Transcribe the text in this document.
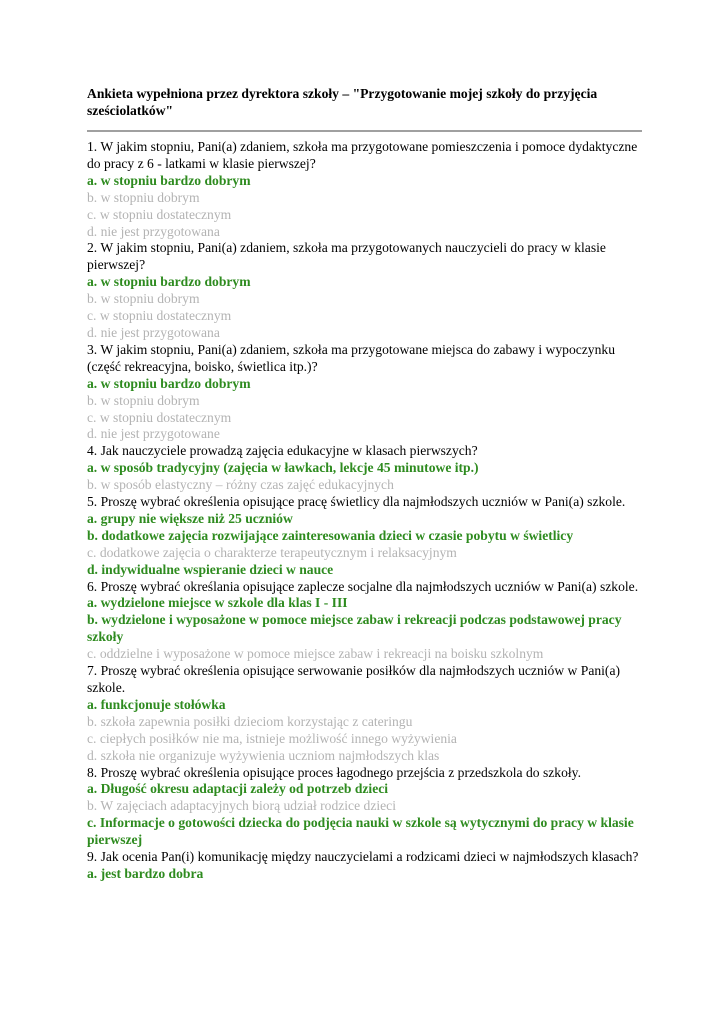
Ankieta wypełniona przez dyrektora szkoły – "Przygotowanie mojej szkoły do przyjęcia sześciolatków"

1. W jakim stopniu, Pani(a) zdaniem, szkoła ma przygotowane pomieszczenia i pomoce dydaktyczne do pracy z 6 - latkami w klasie pierwszej?

a. w stopniu bardzo dobrym

b. w stopniu dobrym

c. w stopniu dostatecznym

d. nie jest przygotowana

2. W jakim stopniu, Pani(a) zdaniem, szkoła ma przygotowanych nauczycieli do pracy w klasie pierwszej?

a. w stopniu bardzo dobrym

b. w stopniu dobrym

c. w stopniu dostatecznym

d. nie jest przygotowana

3. W jakim stopniu, Pani(a) zdaniem, szkoła ma przygotowane miejsca do zabawy i wypoczynku (część rekreacyjna, boisko, świetlica itp.)?

a. w stopniu bardzo dobrym

b. w stopniu dobrym

c. w stopniu dostatecznym

d. nie jest przygotowane

4. Jak nauczyciele prowadzą zajęcia edukacyjne w klasach pierwszych?

a. w sposób tradycyjny (zajęcia w ławkach, lekcje 45 minutowe itp.)

b. w sposób elastyczny – różny czas zajęć edukacyjnych

5. Proszę wybrać określenia opisujące pracę świetlicy dla najmłodszych uczniów w Pani(a) szkole.

a. grupy nie większe niż 25 uczniów

b. dodatkowe zajęcia rozwijające zainteresowania dzieci w czasie pobytu w świetlicy

c. dodatkowe zajęcia o charakterze terapeutycznym i relaksacyjnym

d. indywidualne wspieranie dzieci w nauce

6. Proszę wybrać określania opisujące zaplecze socjalne dla najmłodszych uczniów w Pani(a) szkole.

a. wydzielone miejsce w szkole dla klas I - III

b. wydzielone i wyposażone w pomoce miejsce zabaw i rekreacji podczas podstawowej pracy szkoły

c. oddzielne i wyposażone w pomoce miejsce zabaw i rekreacji na boisku szkolnym

7. Proszę wybrać określenia opisujące serwowanie posiłków dla najmłodszych uczniów w Pani(a) szkole.

a. funkcjonuje stołówka

b. szkoła zapewnia posiłki dzieciom korzystając z cateringu

c. ciepłych posiłków nie ma, istnieje możliwość innego wyżywienia

d. szkoła nie organizuje wyżywienia uczniom najmłodszych klas

8. Proszę wybrać określenia opisujące proces łagodnego przejścia z przedszkola do szkoły.

a. Długość okresu adaptacji zależy od potrzeb dzieci

b. W zajęciach adaptacyjnych biorą udział rodzice dzieci

c. Informacje o gotowości dziecka do podjęcia nauki w szkole są wytycznymi do pracy w klasie pierwszej

9. Jak ocenia Pan(i) komunikację między nauczycielami a rodzicami dzieci w najmłodszych klasach?

a. jest bardzo dobra
